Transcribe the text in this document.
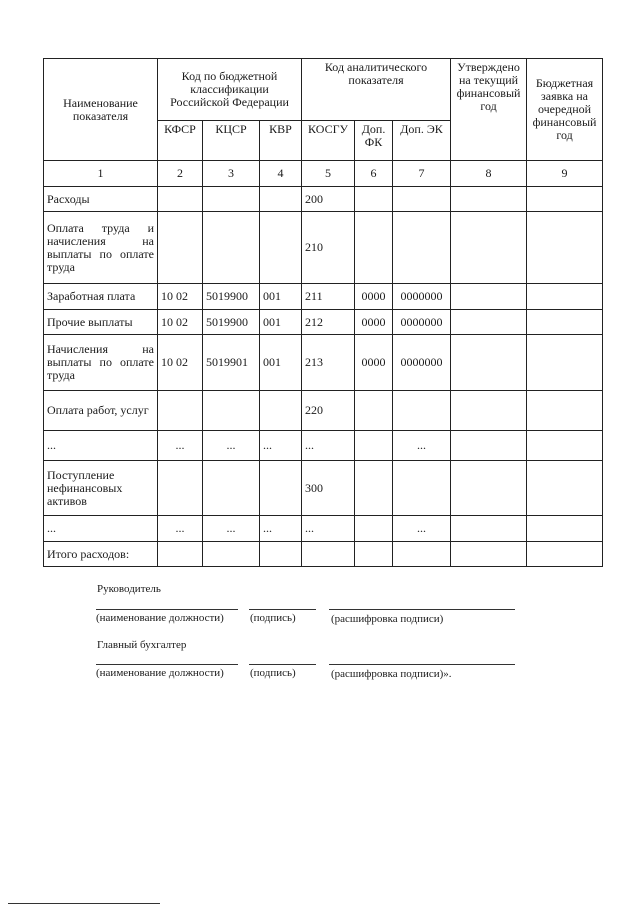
Наименование показателя	Код по бюджетной классификации Российской Федерации			Код аналитического показателя			Утверждено на текущий финансовый год	Бюджетная заявка на очередной финансовый год
	КФСР	КЦСР	КВР	КОСГУ	Доп. ФК	Доп. ЭК		
1	2	3	4	5	6	7	8	9
Расходы				200				
Оплата труда и начисления на выплаты по оплате труда				210				
Заработная плата	10 02	5019900	001	211	0000	0000000		
Прочие выплаты	10 02	5019900	001	212	0000	0000000		
Начисления на выплаты по оплате труда	10 02	5019901	001	213	0000	0000000		
Оплата работ, услуг				220				
...	...	...	...	...		...		
Поступление нефинансовых активов				300				
...	...	...	...	...		...		
Итого расходов:								
Руководитель
(наименование должности) (подпись)	(расшифровка подписи)
Главный бухгалтер
(наименование должности) (подпись)	(расшифровка подписи)».
